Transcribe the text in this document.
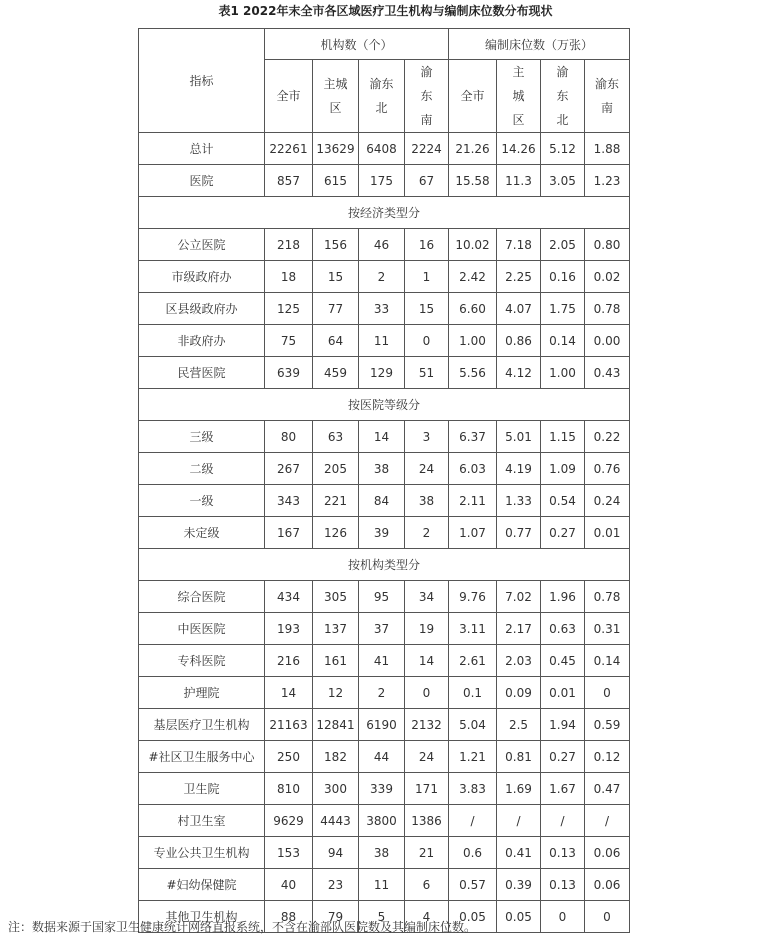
表1 2022年末全市各区域医疗卫生机构与编制床位数分布现状
指标	机构数（个）				编制床位数（万张）			
	全市	主城区	渝东北	渝东南	全市	主城区	渝东北	渝东南
总计	22261	13629	6408	2224	21.26	14.26	5.12	1.88
医院	857	615	175	67	15.58	11.3	3.05	1.23
按经济类型分								
公立医院	218	156	46	16	10.02	7.18	2.05	0.80
市级政府办	18	15	2	1	2.42	2.25	0.16	0.02
区县级政府办	125	77	33	15	6.60	4.07	1.75	0.78
非政府办	75	64	11	0	1.00	0.86	0.14	0.00
民营医院	639	459	129	51	5.56	4.12	1.00	0.43
按医院等级分								
三级	80	63	14	3	6.37	5.01	1.15	0.22
二级	267	205	38	24	6.03	4.19	1.09	0.76
一级	343	221	84	38	2.11	1.33	0.54	0.24
未定级	167	126	39	2	1.07	0.77	0.27	0.01
按机构类型分								
综合医院	434	305	95	34	9.76	7.02	1.96	0.78
中医医院	193	137	37	19	3.11	2.17	0.63	0.31
专科医院	216	161	41	14	2.61	2.03	0.45	0.14
护理院	14	12	2	0	0.1	0.09	0.01	0
基层医疗卫生机构	21163	12841	6190	2132	5.04	2.5	1.94	0.59
#社区卫生服务中心	250	182	44	24	1.21	0.81	0.27	0.12
卫生院	810	300	339	171	3.83	1.69	1.67	0.47
村卫生室	9629	4443	3800	1386	/	/	/	/
专业公共卫生机构	153	94	38	21	0.6	0.41	0.13	0.06
#妇幼保健院	40	23	11	6	0.57	0.39	0.13	0.06
其他卫生机构	88	79	5	4	0.05	0.05	0	0
注：数据来源于国家卫生健康统计网络直报系统，不含在渝部队医院数及其编制床位数。
